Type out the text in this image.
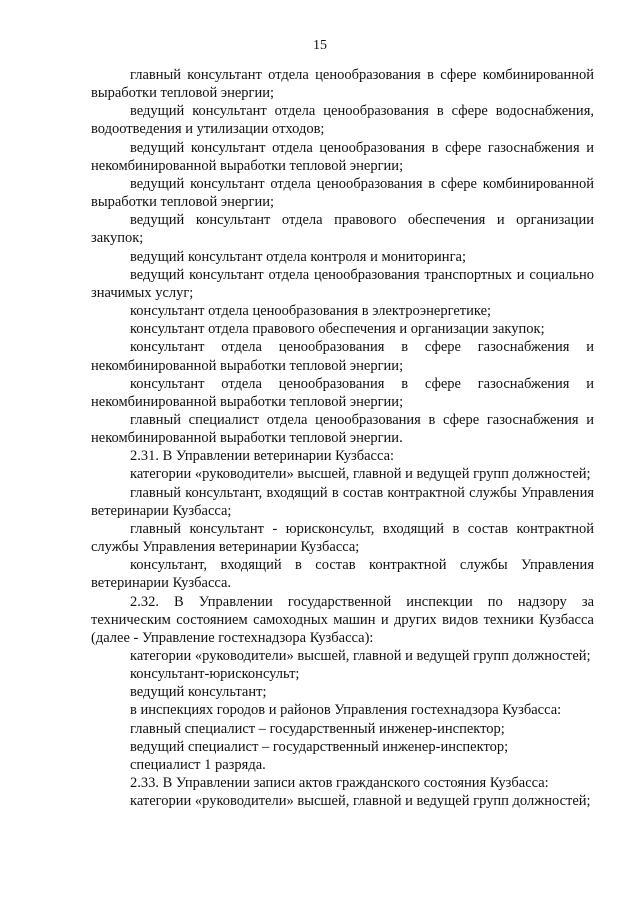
15

главный консультант отдела ценообразования в сфере комбинированной выработки тепловой энергии;

ведущий консультант отдела ценообразования в сфере водоснабжения, водоотведения и утилизации отходов;

ведущий консультант отдела ценообразования в сфере газоснабжения и некомбинированной выработки тепловой энергии;

ведущий консультант отдела ценообразования в сфере комбинированной выработки тепловой энергии;

ведущий консультант отдела правового обеспечения и организации закупок;

ведущий консультант отдела контроля и мониторинга;

ведущий консультант отдела ценообразования транспортных и социально значимых услуг;

консультант отдела ценообразования в электроэнергетике;

консультант отдела правового обеспечения и организации закупок;

консультант отдела ценообразования в сфере газоснабжения и некомбинированной выработки тепловой энергии;

консультант отдела ценообразования в сфере газоснабжения и некомбинированной выработки тепловой энергии;

главный специалист отдела ценообразования в сфере газоснабжения и некомбинированной выработки тепловой энергии.

2.31. В Управлении ветеринарии Кузбасса:

категории «руководители» высшей, главной и ведущей групп должностей;

главный консультант, входящий в состав контрактной службы Управления ветеринарии Кузбасса;

главный консультант - юрисконсульт, входящий в состав контрактной службы Управления ветеринарии Кузбасса;

консультант, входящий в состав контрактной службы Управления ветеринарии Кузбасса.

2.32. В Управлении государственной инспекции по надзору за техническим состоянием самоходных машин и других видов техники Кузбасса (далее - Управление гостехнадзора Кузбасса):

категории «руководители» высшей, главной и ведущей групп должностей;

консультант-юрисконсульт;

ведущий консультант;

в инспекциях городов и районов Управления гостехнадзора Кузбасса:

главный специалист – государственный инженер-инспектор;

ведущий специалист – государственный инженер-инспектор;

специалист 1 разряда.

2.33. В Управлении записи актов гражданского состояния Кузбасса:

категории «руководители» высшей, главной и ведущей групп должностей;
